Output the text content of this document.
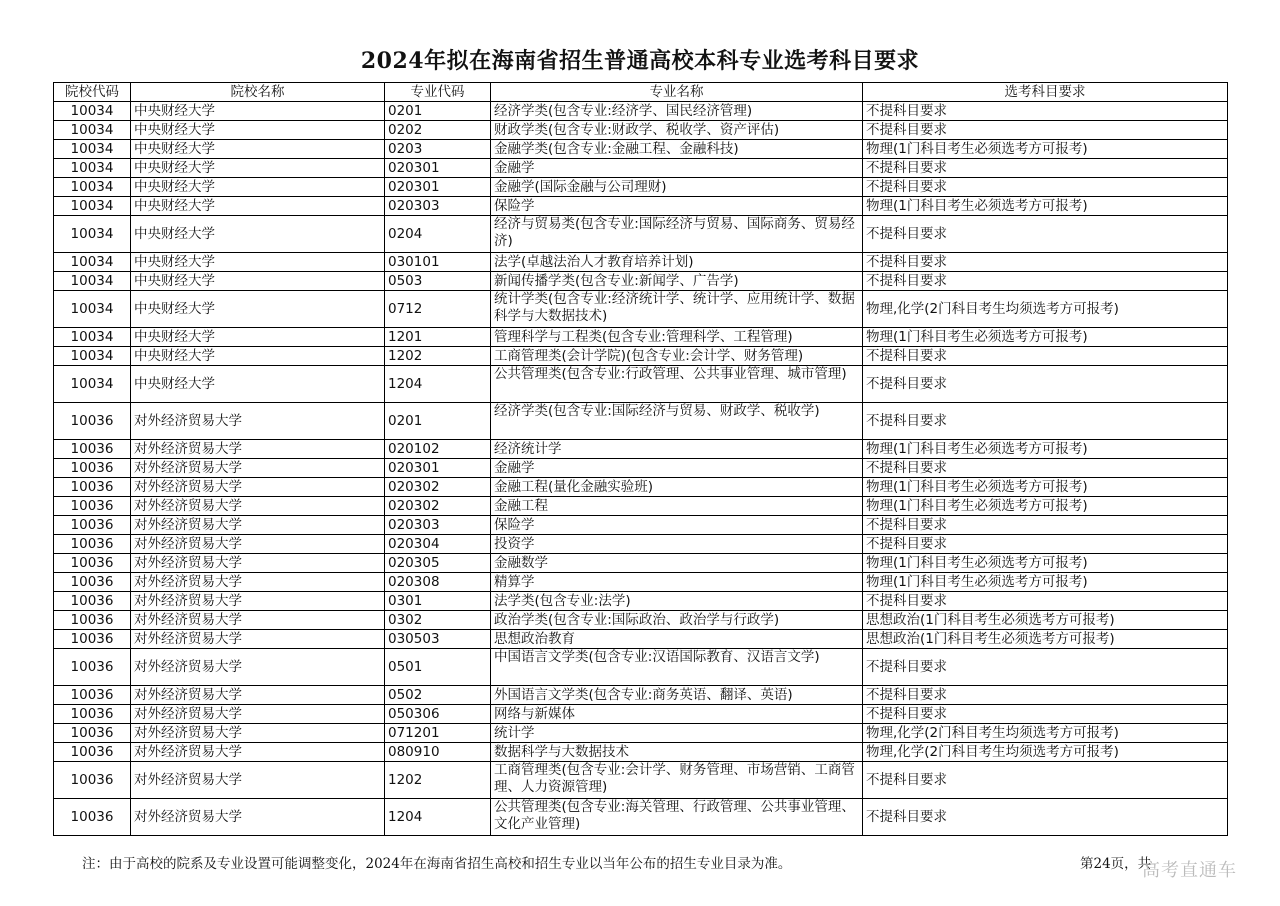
2024年拟在海南省招生普通高校本科专业选考科目要求
院校代码	院校名称	专业代码	专业名称	选考科目要求
10034	中央财经大学	0201	经济学类(包含专业:经济学、国民经济管理)	不提科目要求
10034	中央财经大学	0202	财政学类(包含专业:财政学、税收学、资产评估)	不提科目要求
10034	中央财经大学	0203	金融学类(包含专业:金融工程、金融科技)	物理(1门科目考生必须选考方可报考)
10034	中央财经大学	020301	金融学	不提科目要求
10034	中央财经大学	020301	金融学(国际金融与公司理财)	不提科目要求
10034	中央财经大学	020303	保险学	物理(1门科目考生必须选考方可报考)
10034	中央财经大学	0204	经济与贸易类(包含专业:国际经济与贸易、国际商务、贸易经济)	不提科目要求
10034	中央财经大学	030101	法学(卓越法治人才教育培养计划)	不提科目要求
10034	中央财经大学	0503	新闻传播学类(包含专业:新闻学、广告学)	不提科目要求
10034	中央财经大学	0712	统计学类(包含专业:经济统计学、统计学、应用统计学、数据科学与大数据技术)	物理,化学(2门科目考生均须选考方可报考)
10034	中央财经大学	1201	管理科学与工程类(包含专业:管理科学、工程管理)	物理(1门科目考生必须选考方可报考)
10034	中央财经大学	1202	工商管理类(会计学院)(包含专业:会计学、财务管理)	不提科目要求
10034	中央财经大学	1204	公共管理类(包含专业:行政管理、公共事业管理、城市管理)	不提科目要求
10036	对外经济贸易大学	0201	经济学类(包含专业:国际经济与贸易、财政学、税收学)	不提科目要求
10036	对外经济贸易大学	020102	经济统计学	物理(1门科目考生必须选考方可报考)
10036	对外经济贸易大学	020301	金融学	不提科目要求
10036	对外经济贸易大学	020302	金融工程(量化金融实验班)	物理(1门科目考生必须选考方可报考)
10036	对外经济贸易大学	020302	金融工程	物理(1门科目考生必须选考方可报考)
10036	对外经济贸易大学	020303	保险学	不提科目要求
10036	对外经济贸易大学	020304	投资学	不提科目要求
10036	对外经济贸易大学	020305	金融数学	物理(1门科目考生必须选考方可报考)
10036	对外经济贸易大学	020308	精算学	物理(1门科目考生必须选考方可报考)
10036	对外经济贸易大学	0301	法学类(包含专业:法学)	不提科目要求
10036	对外经济贸易大学	0302	政治学类(包含专业:国际政治、政治学与行政学)	思想政治(1门科目考生必须选考方可报考)
10036	对外经济贸易大学	030503	思想政治教育	思想政治(1门科目考生必须选考方可报考)
10036	对外经济贸易大学	0501	中国语言文学类(包含专业:汉语国际教育、汉语言文学)	不提科目要求
10036	对外经济贸易大学	0502	外国语言文学类(包含专业:商务英语、翻译、英语)	不提科目要求
10036	对外经济贸易大学	050306	网络与新媒体	不提科目要求
10036	对外经济贸易大学	071201	统计学	物理,化学(2门科目考生均须选考方可报考)
10036	对外经济贸易大学	080910	数据科学与大数据技术	物理,化学(2门科目考生均须选考方可报考)
10036	对外经济贸易大学	1202	工商管理类(包含专业:会计学、财务管理、市场营销、工商管理、人力资源管理)	不提科目要求
10036	对外经济贸易大学	1204	公共管理类(包含专业:海关管理、行政管理、公共事业管理、文化产业管理)	不提科目要求
注：由于高校的院系及专业设置可能调整变化，2024年在海南省招生高校和招生专业以当年公布的招生专业目录为准。	第24页，共
高考直通车
